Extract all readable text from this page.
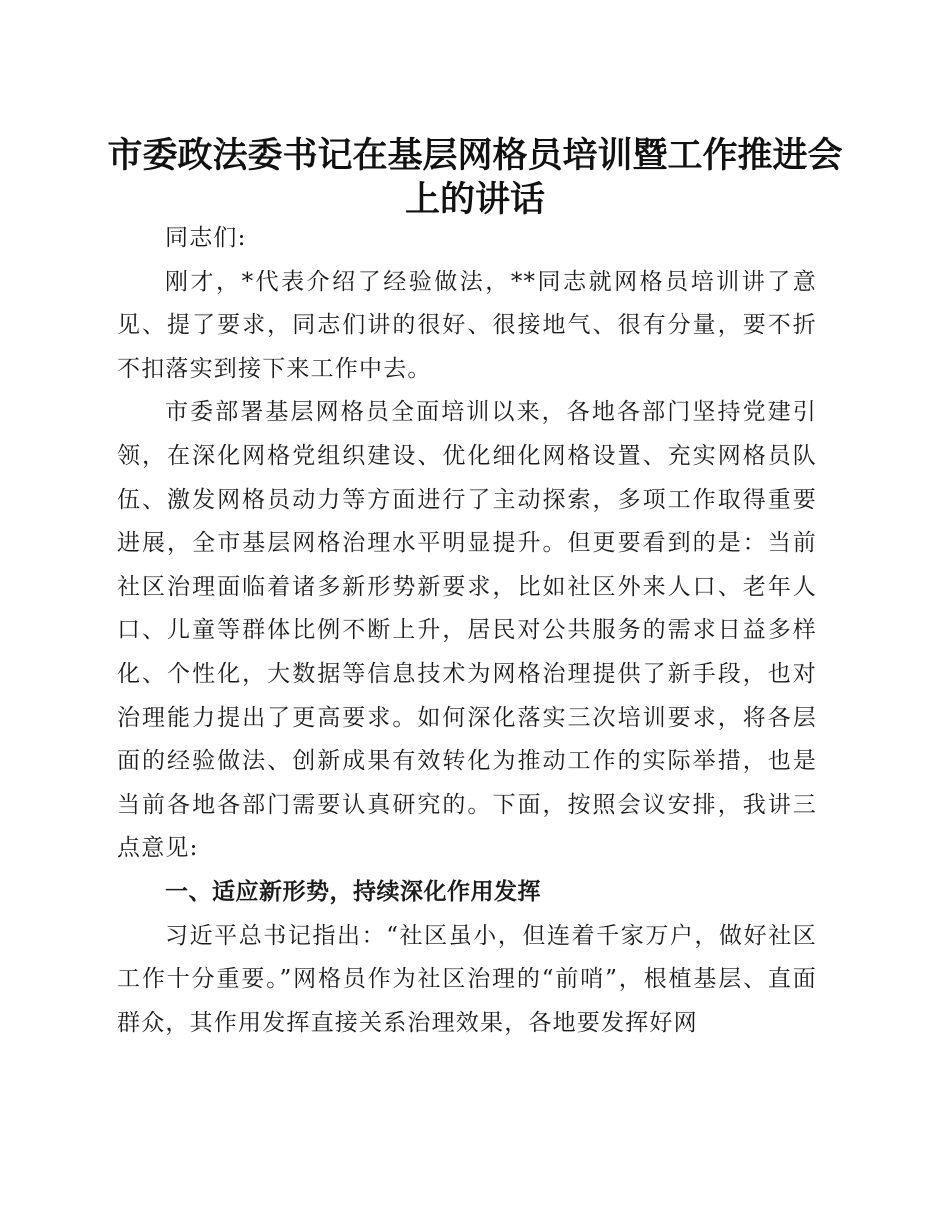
市委政法委书记在基层网格员培训暨工作推进会上的讲话

同志们:

刚才，*代表介绍了经验做法，**同志就网格员培训讲了意见、提了要求，同志们讲的很好、很接地气、很有分量，要不折不扣落实到接下来工作中去。

市委部署基层网格员全面培训以来，各地各部门坚持党建引领，在深化网格党组织建设、优化细化网格设置、充实网格员队伍、激发网格员动力等方面进行了主动探索，多项工作取得重要进展，全市基层网格治理水平明显提升。但更要看到的是：当前社区治理面临着诸多新形势新要求，比如社区外来人口、老年人口、儿童等群体比例不断上升，居民对公共服务的需求日益多样化、个性化，大数据等信息技术为网格治理提供了新手段，也对治理能力提出了更高要求。如何深化落实三次培训要求，将各层面的经验做法、创新成果有效转化为推动工作的实际举措，也是当前各地各部门需要认真研究的。下面，按照会议安排，我讲三点意见:

一、适应新形势，持续深化作用发挥

习近平总书记指出：“社区虽小，但连着千家万户，做好社区工作十分重要。”网格员作为社区治理的“前哨”，根植基层、直面群众，其作用发挥直接关系治理效果，各地要发挥好网
